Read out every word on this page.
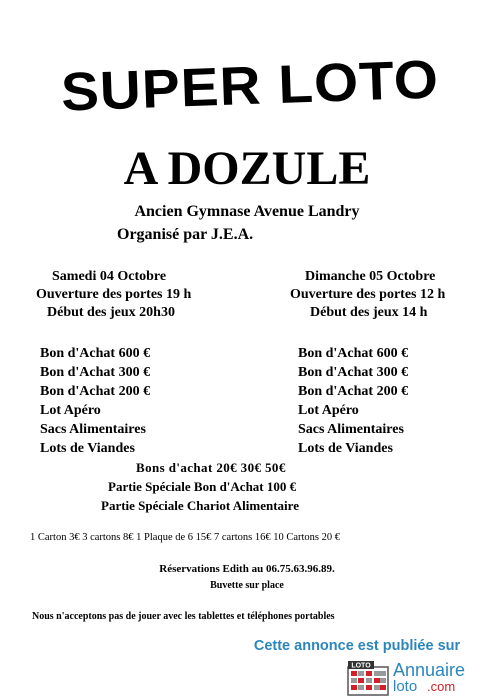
SUPER LOTO
A DOZULE
Ancien Gymnase Avenue Landry
Organisé par J.E.A.
Samedi 04 Octobre
Ouverture des portes 19 h
Début des jeux 20h30
Bon d'Achat 600 €
Bon d'Achat 300 €
Bon d'Achat 200 €
Lot Apéro
Sacs Alimentaires
Lots de Viandes
Dimanche 05 Octobre
Ouverture des portes 12 h
Début des jeux 14 h
Bon d'Achat 600 €
Bon d'Achat 300 €
Bon d'Achat 200 €
Lot Apéro
Sacs Alimentaires
Lots de Viandes
Bons d'achat 20€ 30€ 50€
Partie Spéciale Bon d'Achat 100 €
Partie Spéciale Chariot Alimentaire
1 Carton 3€ 3 cartons 8€ 1 Plaque de 6 15€ 7 cartons 16€ 10 Cartons 20 €
Réservations Edith au 06.75.63.96.89.
Buvette sur place
Nous n'acceptons pas de jouer avec les tablettes et téléphones portables
Cette annonce est publiée sur
LOTO Annuaire
loto .com
